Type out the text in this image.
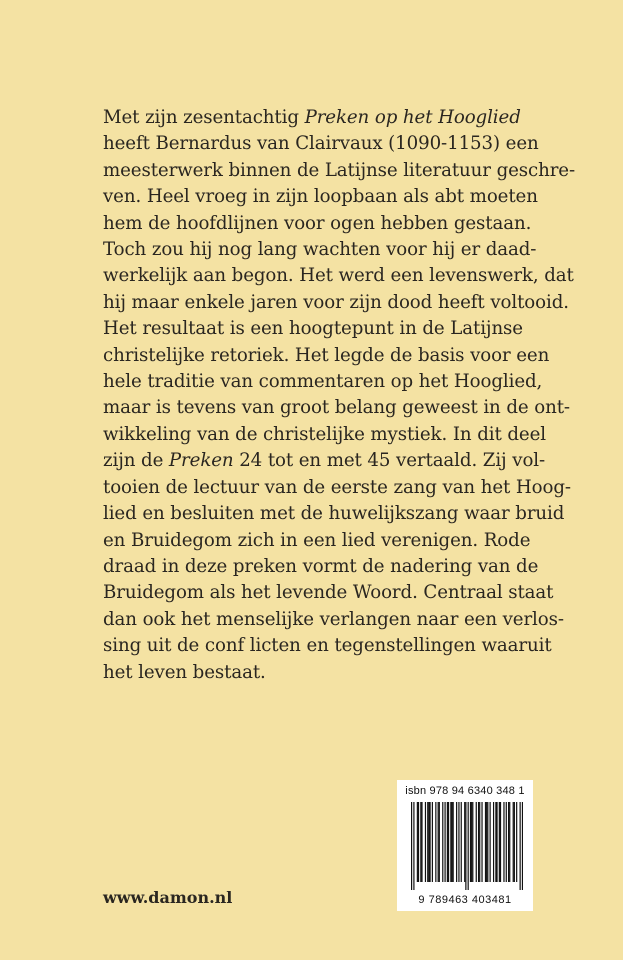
Met zijn zesentachtig Preken op het Hooglied
heeft Bernardus van Clairvaux (1090-1153) een
meesterwerk binnen de Latijnse literatuur geschre-
ven. Heel vroeg in zijn loopbaan als abt moeten
hem de hoofdlijnen voor ogen hebben gestaan.
Toch zou hij nog lang wachten voor hij er daad-
werkelijk aan begon. Het werd een levenswerk, dat
hij maar enkele jaren voor zijn dood heeft voltooid.
Het resultaat is een hoogtepunt in de Latijnse
christelijke retoriek. Het legde de basis voor een
hele traditie van commentaren op het Hooglied,
maar is tevens van groot belang geweest in de ont-
wikkeling van de christelijke mystiek. In dit deel
zijn de Preken 24 tot en met 45 vertaald. Zij vol-
tooien de lectuur van de eerste zang van het Hoog-
lied en besluiten met de huwelijkszang waar bruid
en Bruidegom zich in een lied verenigen. Rode
draad in deze preken vormt de nadering van de
Bruidegom als het levende Woord. Centraal staat
dan ook het menselijke verlangen naar een verlos-
sing uit de conf licten en tegenstellingen waaruit
het leven bestaat.
www.damon.nl
isbn 978 94 6340 348 1
9 789463 403481
